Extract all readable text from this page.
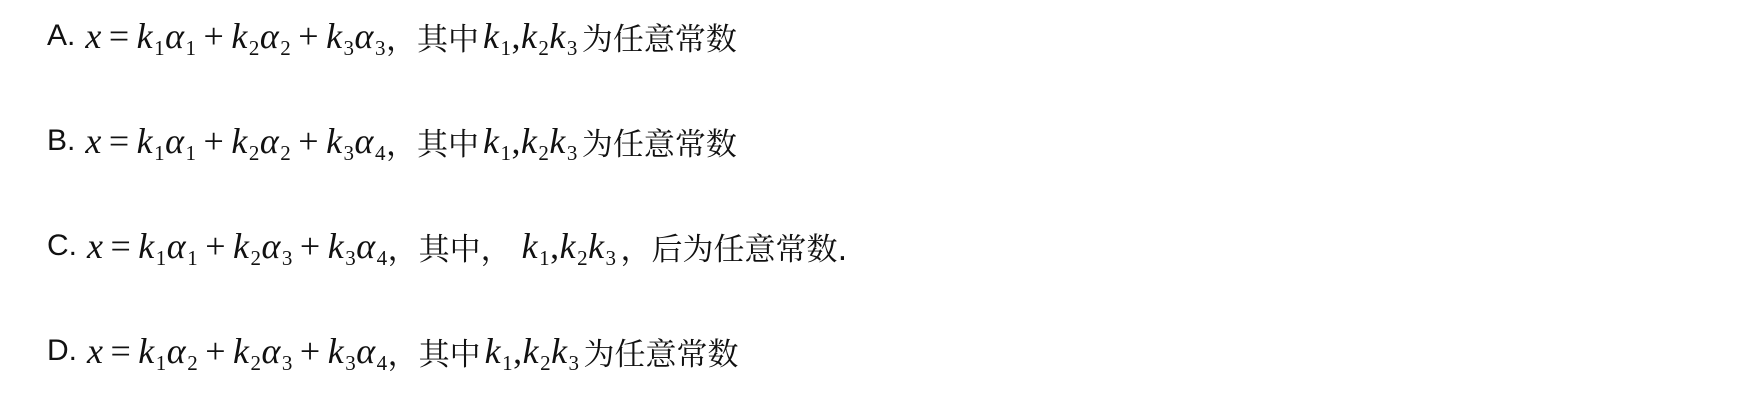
A. $x = k_1\alpha_1 + k_2\alpha_2 + k_3\alpha_3$ ，其中 $k_1,k_2k_3$ 为任意常数
B. $x = k_1\alpha_1 + k_2\alpha_2 + k_3\alpha_4$ ，其中 $k_1,k_2k_3$ 为任意常数
C. $x = k_1\alpha_1 + k_2\alpha_3 + k_3\alpha_4$ ，其中， $k_1,k_2k_3$ ，后为任意常数.
D. $x = k_1\alpha_2 + k_2\alpha_3 + k_3\alpha_4$ ，其中 $k_1,k_2k_3$ 为任意常数
